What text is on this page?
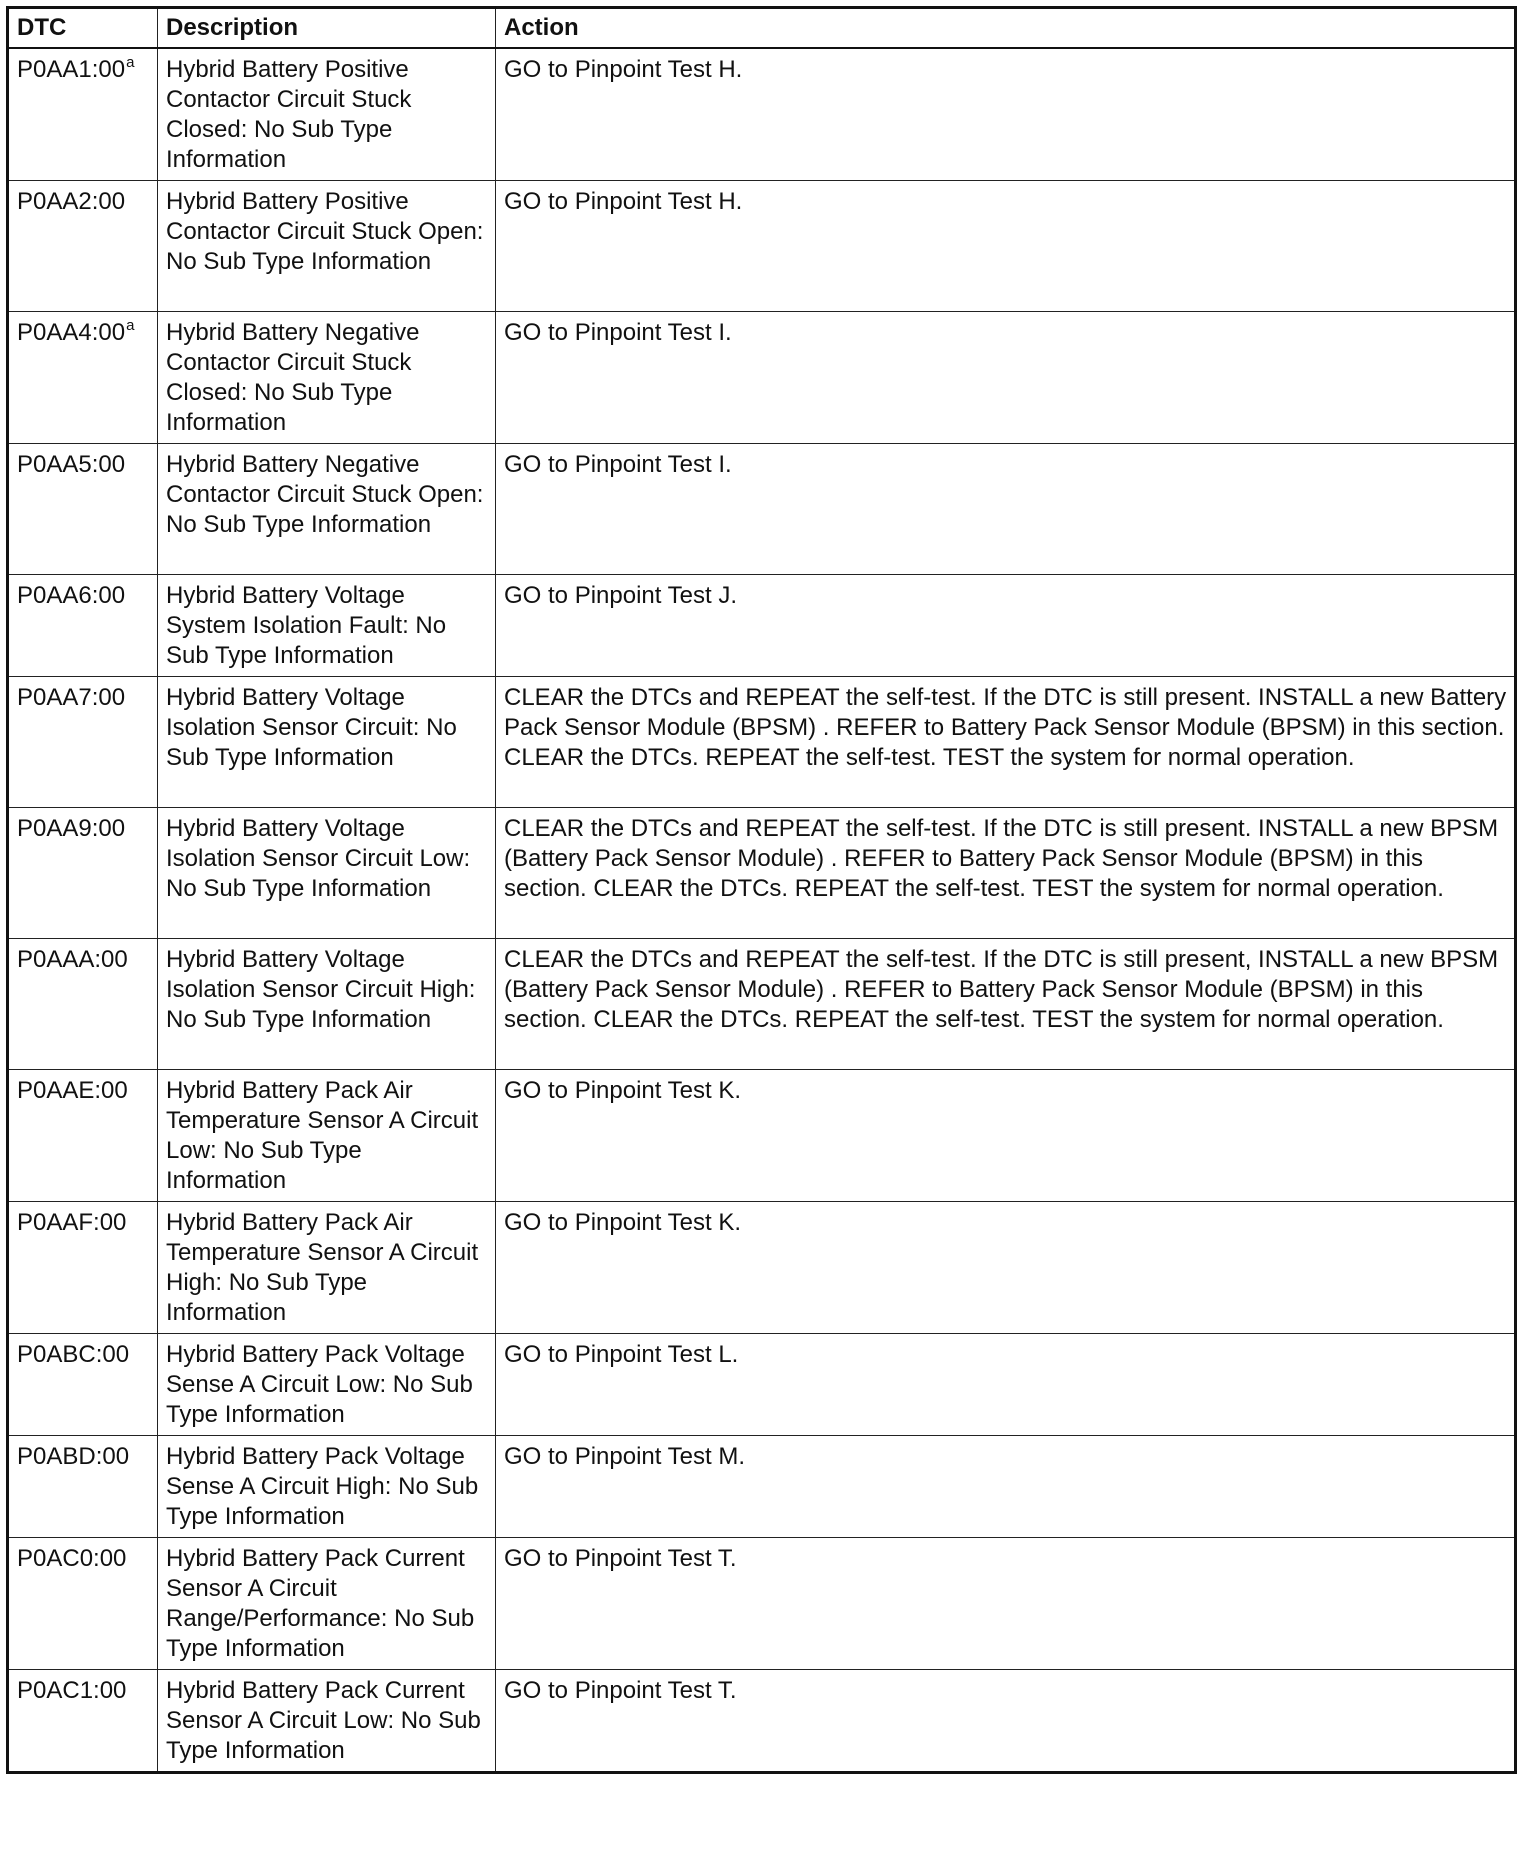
DTC	Description	Action
P0AA1:00$^a$	Hybrid Battery Positive Contactor Circuit Stuck Closed: No Sub Type Information	GO to Pinpoint Test H.
P0AA2:00	Hybrid Battery Positive Contactor Circuit Stuck Open: No Sub Type Information	GO to Pinpoint Test H.
P0AA4:00$^a$	Hybrid Battery Negative Contactor Circuit Stuck Closed: No Sub Type Information	GO to Pinpoint Test I.
P0AA5:00	Hybrid Battery Negative Contactor Circuit Stuck Open: No Sub Type Information	GO to Pinpoint Test I.
P0AA6:00	Hybrid Battery Voltage System Isolation Fault: No Sub Type Information	GO to Pinpoint Test J.
P0AA7:00	Hybrid Battery Voltage Isolation Sensor Circuit: No Sub Type Information	CLEAR the DTCs and REPEAT the self-test. If the DTC is still present. INSTALL a new Battery Pack Sensor Module (BPSM) . REFER to Battery Pack Sensor Module (BPSM) in this section. CLEAR the DTCs. REPEAT the self-test. TEST the system for normal operation.
P0AA9:00	Hybrid Battery Voltage Isolation Sensor Circuit Low: No Sub Type Information	CLEAR the DTCs and REPEAT the self-test. If the DTC is still present. INSTALL a new BPSM (Battery Pack Sensor Module) . REFER to Battery Pack Sensor Module (BPSM) in this section. CLEAR the DTCs. REPEAT the self-test. TEST the system for normal operation.
P0AAA:00	Hybrid Battery Voltage Isolation Sensor Circuit High: No Sub Type Information	CLEAR the DTCs and REPEAT the self-test. If the DTC is still present, INSTALL a new BPSM (Battery Pack Sensor Module) . REFER to Battery Pack Sensor Module (BPSM) in this section. CLEAR the DTCs. REPEAT the self-test. TEST the system for normal operation.
P0AAE:00	Hybrid Battery Pack Air Temperature Sensor A Circuit Low: No Sub Type Information	GO to Pinpoint Test K.
P0AAF:00	Hybrid Battery Pack Air Temperature Sensor A Circuit High: No Sub Type Information	GO to Pinpoint Test K.
P0ABC:00	Hybrid Battery Pack Voltage Sense A Circuit Low: No Sub Type Information	GO to Pinpoint Test L.
P0ABD:00	Hybrid Battery Pack Voltage Sense A Circuit High: No Sub Type Information	GO to Pinpoint Test M.
P0AC0:00	Hybrid Battery Pack Current Sensor A Circuit Range/Performance: No Sub Type Information	GO to Pinpoint Test T.
P0AC1:00	Hybrid Battery Pack Current Sensor A Circuit Low: No Sub Type Information	GO to Pinpoint Test T.
